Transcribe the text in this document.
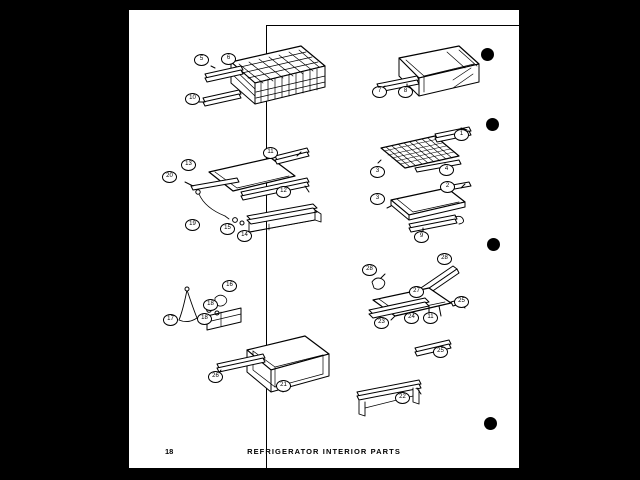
5	6
10
7	8
1
3	4
2
3
9
11
13
20
12
19
15
14
16
17	18
18
26
21
22
28
27
28
25
23
24	11
25
18	REFRIGERATOR INTERIOR PARTS
